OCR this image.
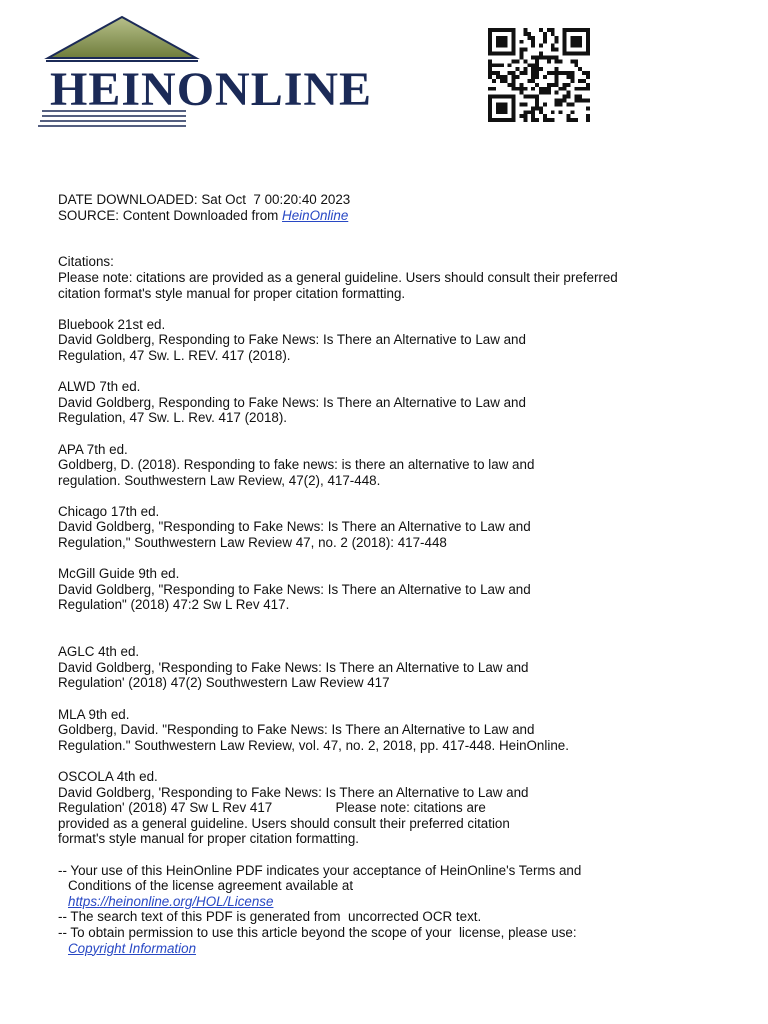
HEINONLINE

DATE DOWNLOADED: Sat Oct  7 00:20:40 2023

SOURCE: Content Downloaded from HeinOnline

Citations:

Please note: citations are provided as a general guideline. Users should consult their preferred

citation format's style manual for proper citation formatting.

Bluebook 21st ed.

David Goldberg, Responding to Fake News: Is There an Alternative to Law and

Regulation, 47 Sw. L. REV. 417 (2018).

ALWD 7th ed.

David Goldberg, Responding to Fake News: Is There an Alternative to Law and

Regulation, 47 Sw. L. Rev. 417 (2018).

APA 7th ed.

Goldberg, D. (2018). Responding to fake news: is there an alternative to law and

regulation. Southwestern Law Review, 47(2), 417-448.

Chicago 17th ed.

David Goldberg, "Responding to Fake News: Is There an Alternative to Law and

Regulation," Southwestern Law Review 47, no. 2 (2018): 417-448

McGill Guide 9th ed.

David Goldberg, "Responding to Fake News: Is There an Alternative to Law and

Regulation" (2018) 47:2 Sw L Rev 417.

AGLC 4th ed.

David Goldberg, 'Responding to Fake News: Is There an Alternative to Law and

Regulation' (2018) 47(2) Southwestern Law Review 417

MLA 9th ed.

Goldberg, David. "Responding to Fake News: Is There an Alternative to Law and

Regulation." Southwestern Law Review, vol. 47, no. 2, 2018, pp. 417-448. HeinOnline.

OSCOLA 4th ed.

David Goldberg, 'Responding to Fake News: Is There an Alternative to Law and

Regulation' (2018) 47 Sw L Rev 417                 Please note: citations are

provided as a general guideline. Users should consult their preferred citation

format's style manual for proper citation formatting.

-- Your use of this HeinOnline PDF indicates your acceptance of HeinOnline's Terms and

Conditions of the license agreement available at

https://heinonline.org/HOL/License

-- The search text of this PDF is generated from  uncorrected OCR text.

-- To obtain permission to use this article beyond the scope of your  license, please use:

Copyright Information
